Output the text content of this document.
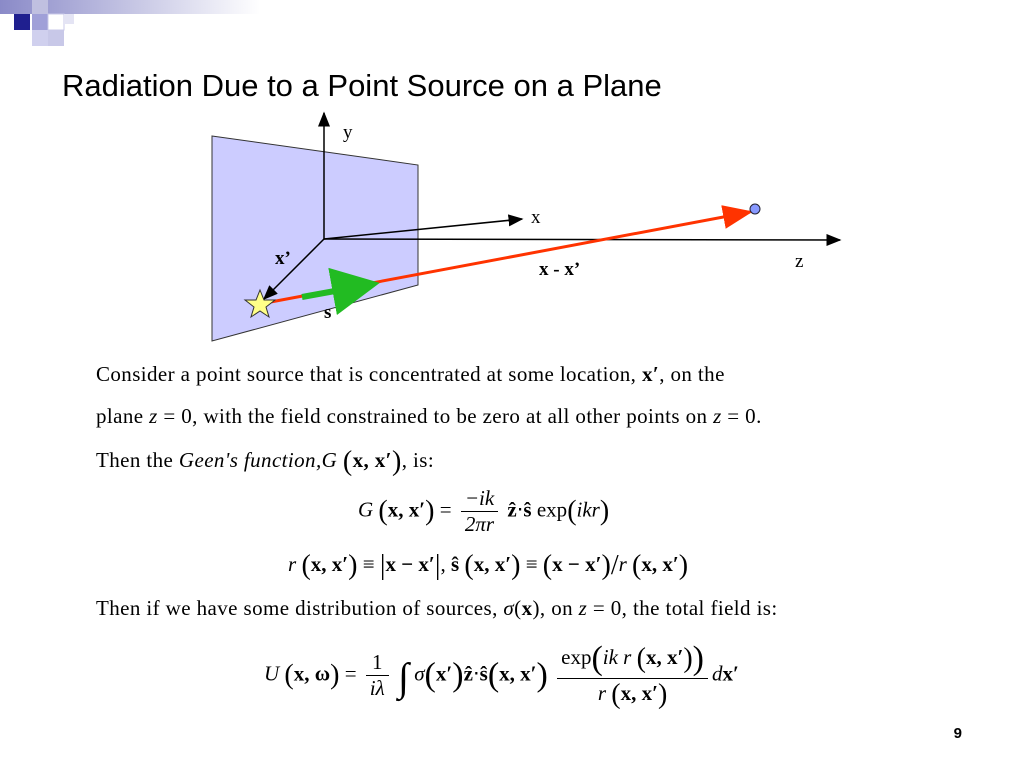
Radiation Due to a Point Source on a Plane
y
x
z
x’
x - x’
s
Consider a point source that is concentrated at some location, x′, on the
plane z = 0, with the field constrained to be zero at all other points on z = 0.
Then the Geen's function,G (x, x′), is:
G (x, $x') = \frac{-ik}{2\pi r}$ ẑ⋅ŝ exp(ikr)
r (x, x′) ≡ |x − x′|, ŝ (x, x′) ≡ (x − x′)/r (x, x′)
Then if we have some distribution of sources, σ(x), on z = 0, the total field is:
U (x, $\omega) = \frac{1}{i\lambda}$ ∫ σ(x′)ẑ⋅ŝ(x, $x') \frac{\text{exp(ik r (x, x′))}}{r (x, x')} dx'$
9
